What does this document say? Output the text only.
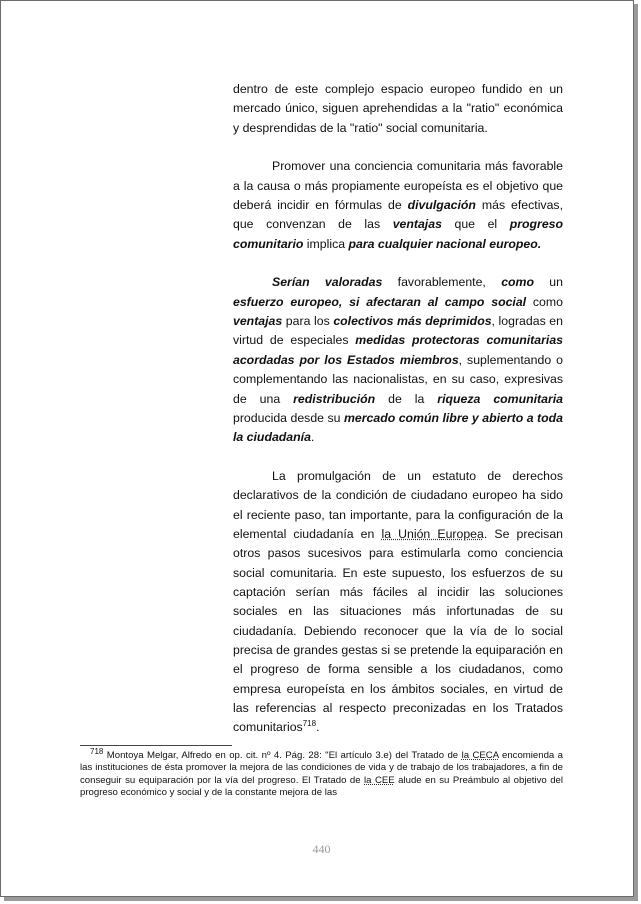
dentro de este complejo espacio europeo fundido en un mercado único, siguen aprehendidas a la "ratio" económica y desprendidas de la "ratio" social comunitaria.

Promover una conciencia comunitaria más favorable a la causa o más propiamente europeísta es el objetivo que deberá incidir en fórmulas de divulgación más efectivas, que convenzan de las ventajas que el progreso comunitario implica para cualquier nacional europeo.

Serían valoradas favorablemente, como un esfuerzo europeo, si afectaran al campo social como ventajas para los colectivos más deprimidos, logradas en virtud de especiales medidas protectoras comunitarias acordadas por los Estados miembros, suplementando o complementando las nacionalistas, en su caso, expresivas de una redistribución de la riqueza comunitaria producida desde su mercado común libre y abierto a toda la ciudadanía.

La promulgación de un estatuto de derechos declarativos de la condición de ciudadano europeo ha sido el reciente paso, tan importante, para la configuración de la elemental ciudadanía en la Unión Europea. Se precisan otros pasos sucesivos para estimularla como conciencia social comunitaria. En este supuesto, los esfuerzos de su captación serían más fáciles al incidir las soluciones sociales en las situaciones más infortunadas de su ciudadanía. Debiendo reconocer que la vía de lo social precisa de grandes gestas si se pretende la equiparación en el progreso de forma sensible a los ciudadanos, como empresa europeísta en los ámbitos sociales, en virtud de las referencias al respecto preconizadas en los Tratados comunitarios$^{718}$.

$^{718}$ Montoya Melgar, Alfredo en op. cit. nº 4. Pág. 28: "El artículo 3.e) del Tratado de la CECA encomienda a las instituciones de ésta promover la mejora de las condiciones de vida y de trabajo de los trabajadores, a fin de conseguir su equiparación por la vía del progreso. El Tratado de la CEE alude en su Preámbulo al objetivo del progreso económico y social y de la constante mejora de las

440
